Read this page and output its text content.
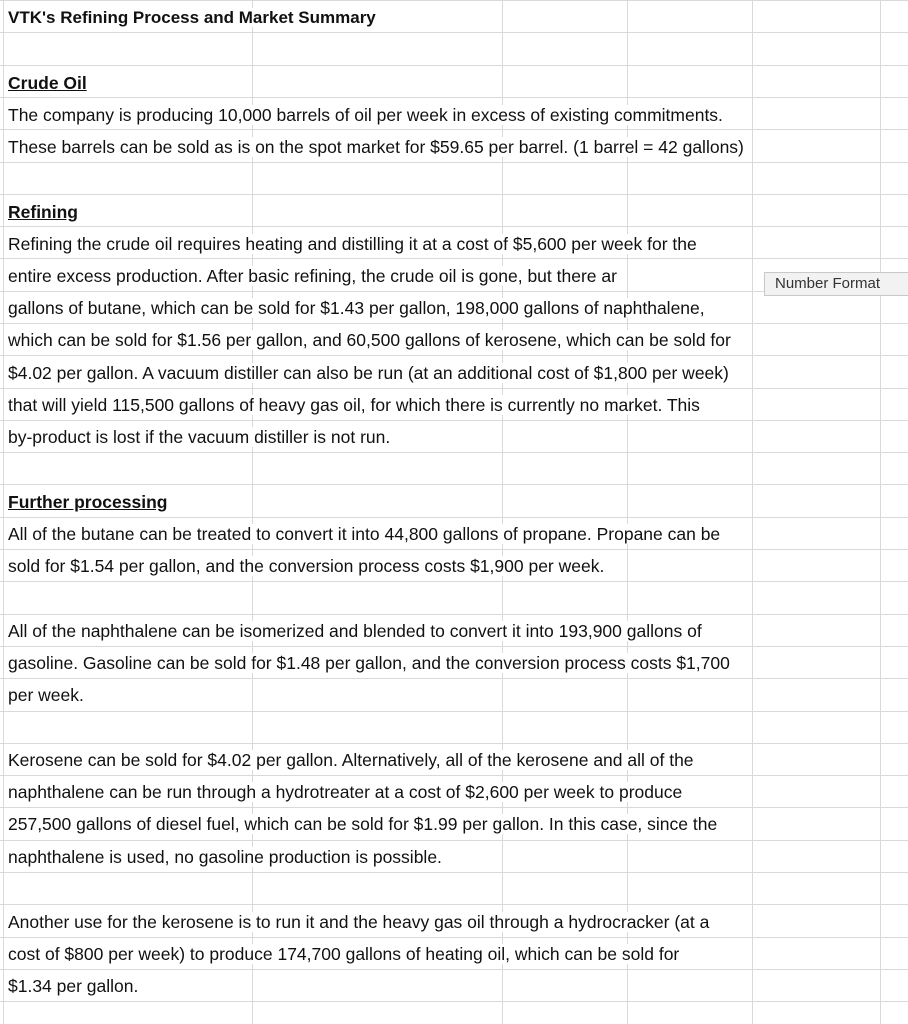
VTK's Refining Process and Market Summary
Crude Oil
The company is producing 10,000 barrels of oil per week in excess of existing commitments.
These barrels can be sold as is on the spot market for $59.65 per barrel. (1 barrel = 42 gallons)
Refining
Refining the crude oil requires heating and distilling it at a cost of $5,600 per week for the
entire excess production. After basic refining, the crude oil is gone, but there ar
gallons of butane, which can be sold for $1.43 per gallon, 198,000 gallons of naphthalene,
which can be sold for $1.56 per gallon, and 60,500 gallons of kerosene, which can be sold for
$4.02 per gallon. A vacuum distiller can also be run (at an additional cost of $1,800 per week)
that will yield 115,500 gallons of heavy gas oil, for which there is currently no market. This
by-product is lost if the vacuum distiller is not run.
Further processing
All of the butane can be treated to convert it into 44,800 gallons of propane. Propane can be
sold for $1.54 per gallon, and the conversion process costs $1,900 per week.
All of the naphthalene can be isomerized and blended to convert it into 193,900 gallons of
gasoline. Gasoline can be sold for $1.48 per gallon, and the conversion process costs $1,700
per week.
Kerosene can be sold for $4.02 per gallon. Alternatively, all of the kerosene and all of the
naphthalene can be run through a hydrotreater at a cost of $2,600 per week to produce
257,500 gallons of diesel fuel, which can be sold for $1.99 per gallon. In this case, since the
naphthalene is used, no gasoline production is possible.
Another use for the kerosene is to run it and the heavy gas oil through a hydrocracker (at a
cost of $800 per week) to produce 174,700 gallons of heating oil, which can be sold for
$1.34 per gallon.
Number Format
